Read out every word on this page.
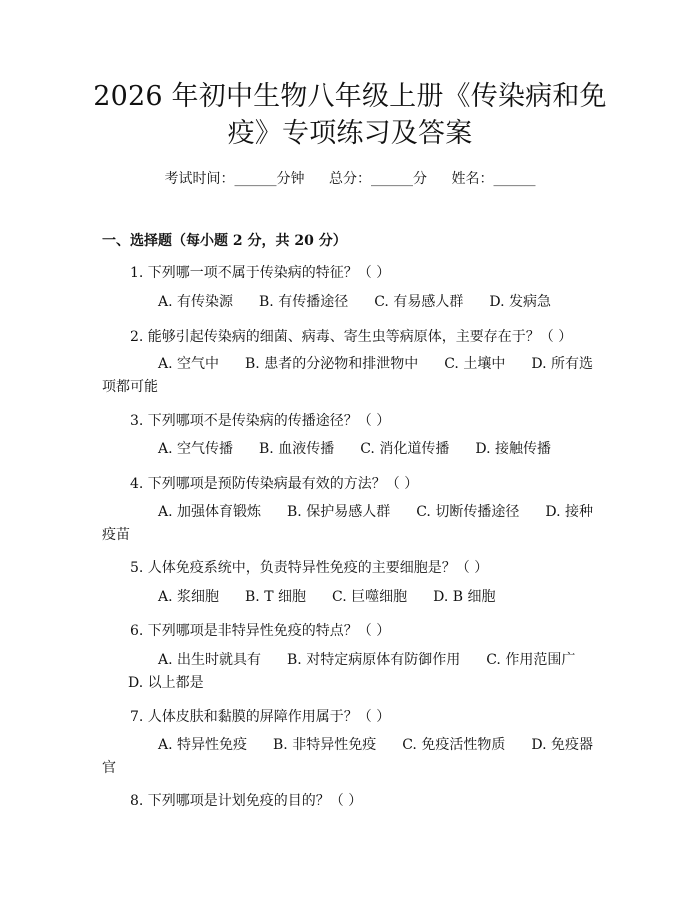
2026 年初中生物八年级上册《传染病和免
疫》专项练习及答案
考试时间：______分钟 总分：______分 姓名：______
一、选择题（每小题 2 分，共 20 分）
1. 下列哪一项不属于传染病的特征？（ ）
A. 有传染源 B. 有传播途径 C. 有易感人群 D. 发病急
2. 能够引起传染病的细菌、病毒、寄生虫等病原体，主要存在于？（ ）
A. 空气中 B. 患者的分泌物和排泄物中 C. 土壤中 D. 所有选项都可能
3. 下列哪项不是传染病的传播途径？（ ）
A. 空气传播 B. 血液传播 C. 消化道传播 D. 接触传播
4. 下列哪项是预防传染病最有效的方法？（ ）
A. 加强体育锻炼 B. 保护易感人群 C. 切断传播途径 D. 接种疫苗
5. 人体免疫系统中，负责特异性免疫的主要细胞是？（ ）
A. 浆细胞 B. T 细胞 C. 巨噬细胞 D. B 细胞
6. 下列哪项是非特异性免疫的特点？（ ）
A. 出生时就具有 B. 对特定病原体有防御作用 C. 作用范围广D. 以上都是
7. 人体皮肤和黏膜的屏障作用属于？（ ）
A. 特异性免疫 B. 非特异性免疫 C. 免疫活性物质 D. 免疫器官
8. 下列哪项是计划免疫的目的？（ ）
